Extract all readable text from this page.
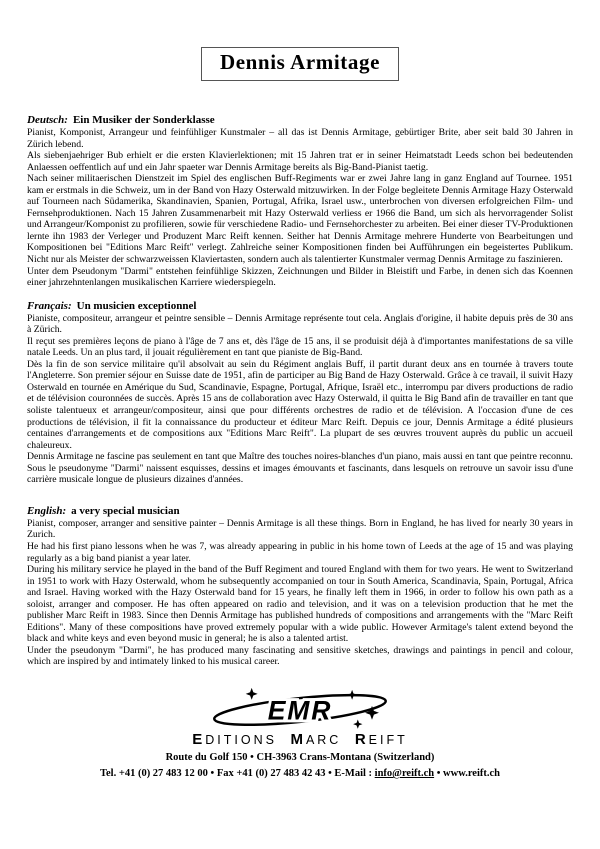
Dennis Armitage
Deutsch: Ein Musiker der Sonderklasse

Pianist, Komponist, Arrangeur und feinfühliger Kunstmaler – all das ist Dennis Armitage, gebürtiger Brite, aber seit bald 30 Jahren in Zürich lebend.

Als siebenjaehriger Bub erhielt er die ersten Klavierlektionen; mit 15 Jahren trat er in seiner Heimatstadt Leeds schon bei bedeutenden Anlaessen oeffentlich auf und ein Jahr spaeter war Dennis Armitage bereits als Big-Band-Pianist taetig.

Nach seiner militaerischen Dienstzeit im Spiel des englischen Buff-Regiments war er zwei Jahre lang in ganz England auf Tournee. 1951 kam er erstmals in die Schweiz, um in der Band von Hazy Osterwald mitzuwirken. In der Folge begleitete Dennis Armitage Hazy Osterwald auf Tourneen nach Südamerika, Skandinavien, Spanien, Portugal, Afrika, Israel usw., unterbrochen von diversen erfolgreichen Film- und Fernsehproduktionen. Nach 15 Jahren Zusammenarbeit mit Hazy Osterwald verliess er 1966 die Band, um sich als hervorragender Solist und Arrangeur/Komponist zu profilieren, sowie für verschiedene Radio- und Fernsehorchester zu arbeiten. Bei einer dieser TV-Produktionen lernte ihn 1983 der Verleger und Produzent Marc Reift kennen. Seither hat Dennis Armitage mehrere Hunderte von Bearbeitungen und Kompositionen bei "Editions Marc Reift" verlegt. Zahlreiche seiner Kompositionen finden bei Aufführungen ein begeistertes Publikum. Nicht nur als Meister der schwarzweissen Klaviertasten, sondern auch als talentierter Kunstmaler vermag Dennis Armitage zu faszinieren.

Unter dem Pseudonym "Darmi" entstehen feinfühlige Skizzen, Zeichnungen und Bilder in Bleistift und Farbe, in denen sich das Koennen einer jahrzehntenlangen musikalischen Karriere wiederspiegeln.

Français: Un musicien exceptionnel

Pianiste, compositeur, arrangeur et peintre sensible – Dennis Armitage représente tout cela. Anglais d'origine, il habite depuis près de 30 ans à Zürich.

Il reçut ses premières leçons de piano à l'âge de 7 ans et, dès l'âge de 15 ans, il se produisit déjà à d'importantes manifestations de sa ville natale Leeds. Un an plus tard, il jouait régulièrement en tant que pianiste de Big-Band.

Dès la fin de son service militaire qu'il absolvait au sein du Régiment anglais Buff, il partit durant deux ans en tournée à travers toute l'Angleterre. Son premier séjour en Suisse date de 1951, afin de participer au Big Band de Hazy Osterwald. Grâce à ce travail, il suivit Hazy Osterwald en tournée en Amérique du Sud, Scandinavie, Espagne, Portugal, Afrique, Israël etc., interrompu par divers productions de radio et de télévision couronnées de succès. Après 15 ans de collaboration avec Hazy Osterwald, il quitta le Big Band afin de travailler en tant que soliste talentueux et arrangeur/compositeur, ainsi que pour différents orchestres de radio et de télévision. A l'occasion d'une de ces productions de télévision, il fit la connaissance du producteur et éditeur Marc Reift. Depuis ce jour, Dennis Armitage a édité plusieurs centaines d'arrangements et de compositions aux "Editions Marc Reift". La plupart de ses œuvres trouvent auprès du public un accueil chaleureux.

Dennis Armitage ne fascine pas seulement en tant que Maître des touches noires-blanches d'un piano, mais aussi en tant que peintre reconnu.

Sous le pseudonyme "Darmi" naissent esquisses, dessins et images émouvants et fascinants, dans lesquels on retrouve un savoir issu d'une carrière musicale longue de plusieurs dizaines d'années.

English: a very special musician

Pianist, composer, arranger and sensitive painter – Dennis Armitage is all these things. Born in England, he has lived for nearly 30 years in Zurich.

He had his first piano lessons when he was 7, was already appearing in public in his home town of Leeds at the age of 15 and was playing regularly as a big band pianist a year later.

During his military service he played in the band of the Buff Regiment and toured England with them for two years. He went to Switzerland in 1951 to work with Hazy Osterwald, whom he subsequently accompanied on tour in South America, Scandinavia, Spain, Portugal, Africa and Israel. Having worked with the Hazy Osterwald band for 15 years, he finally left them in 1966, in order to follow his own path as a soloist, arranger and composer. He has often appeared on radio and television, and it was on a television production that he met the publisher Marc Reift in 1983. Since then Dennis Armitage has published hundreds of compositions and arrangements with the "Marc Reift Editions". Many of these compositions have proved extremely popular with a wide public. However Armitage's talent extend beyond the black and white keys and even beyond music in general; he is also a talented artist.

Under the pseudonym "Darmi", he has produced many fascinating and sensitive sketches, drawings and paintings in pencil and colour, which are inspired by and intimately linked to his musical career.

EMR
EDITIONS MARC REIFT
Route du Golf 150 • CH-3963 Crans-Montana (Switzerland)
Tel. +41 (0) 27 483 12 00 • Fax +41 (0) 27 483 42 43 • E-Mail : info@reift.ch • www.reift.ch
